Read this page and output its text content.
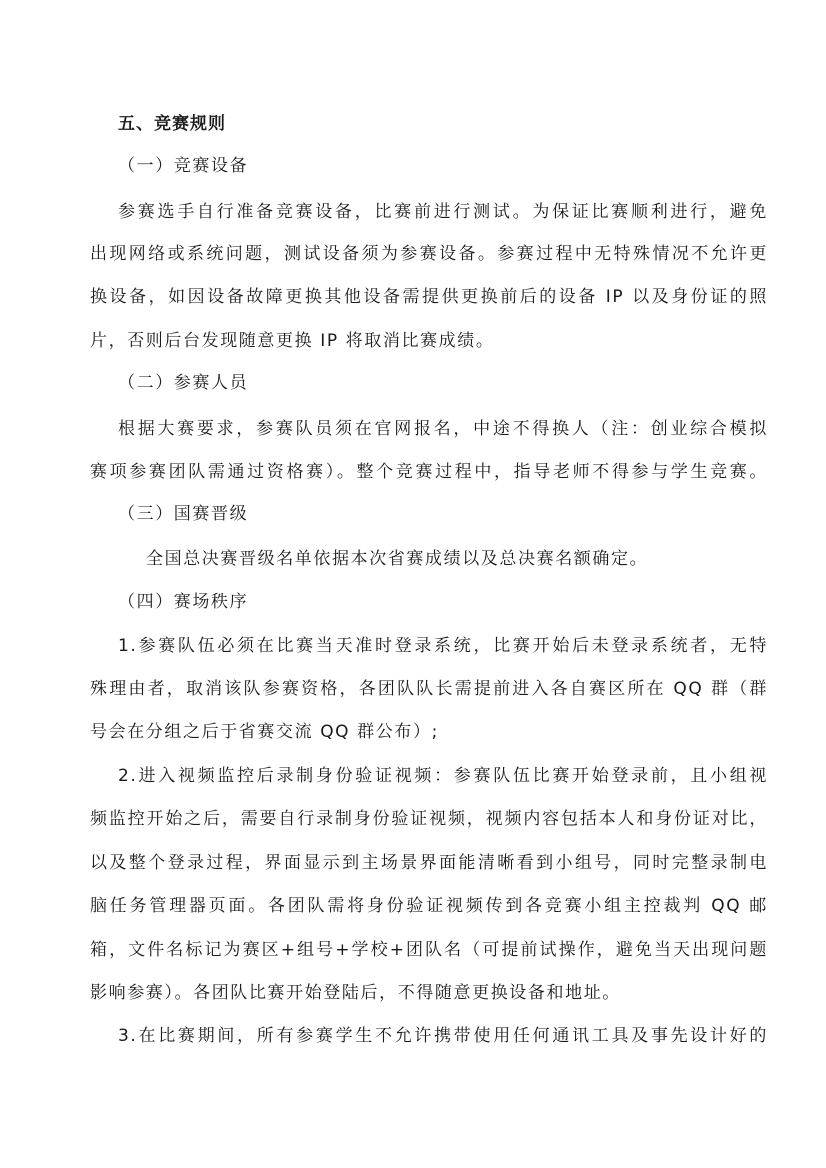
五、竞赛规则
（一）竞赛设备
参赛选手自行准备竞赛设备，比赛前进行测试。为保证比赛顺利进行，避免
出现网络或系统问题，测试设备须为参赛设备。参赛过程中无特殊情况不允许更
换设备，如因设备故障更换其他设备需提供更换前后的设备 IP 以及身份证的照
片，否则后台发现随意更换 IP 将取消比赛成绩。
（二）参赛人员
根据大赛要求，参赛队员须在官网报名，中途不得换人（注：创业综合模拟
赛项参赛团队需通过资格赛）。整个竞赛过程中，指导老师不得参与学生竞赛。
（三）国赛晋级
全国总决赛晋级名单依据本次省赛成绩以及总决赛名额确定。
（四）赛场秩序
1.参赛队伍必须在比赛当天准时登录系统，比赛开始后未登录系统者，无特
殊理由者，取消该队参赛资格，各团队队长需提前进入各自赛区所在 QQ 群（群
号会在分组之后于省赛交流 QQ 群公布）;
2.进入视频监控后录制身份验证视频：参赛队伍比赛开始登录前，且小组视
频监控开始之后，需要自行录制身份验证视频，视频内容包括本人和身份证对比，
以及整个登录过程，界面显示到主场景界面能清晰看到小组号，同时完整录制电
脑任务管理器页面。各团队需将身份验证视频传到各竞赛小组主控裁判 QQ 邮
箱，文件名标记为赛区+组号+学校+团队名（可提前试操作，避免当天出现问题
影响参赛）。各团队比赛开始登陆后，不得随意更换设备和地址。
3.在比赛期间，所有参赛学生不允许携带使用任何通讯工具及事先设计好的
